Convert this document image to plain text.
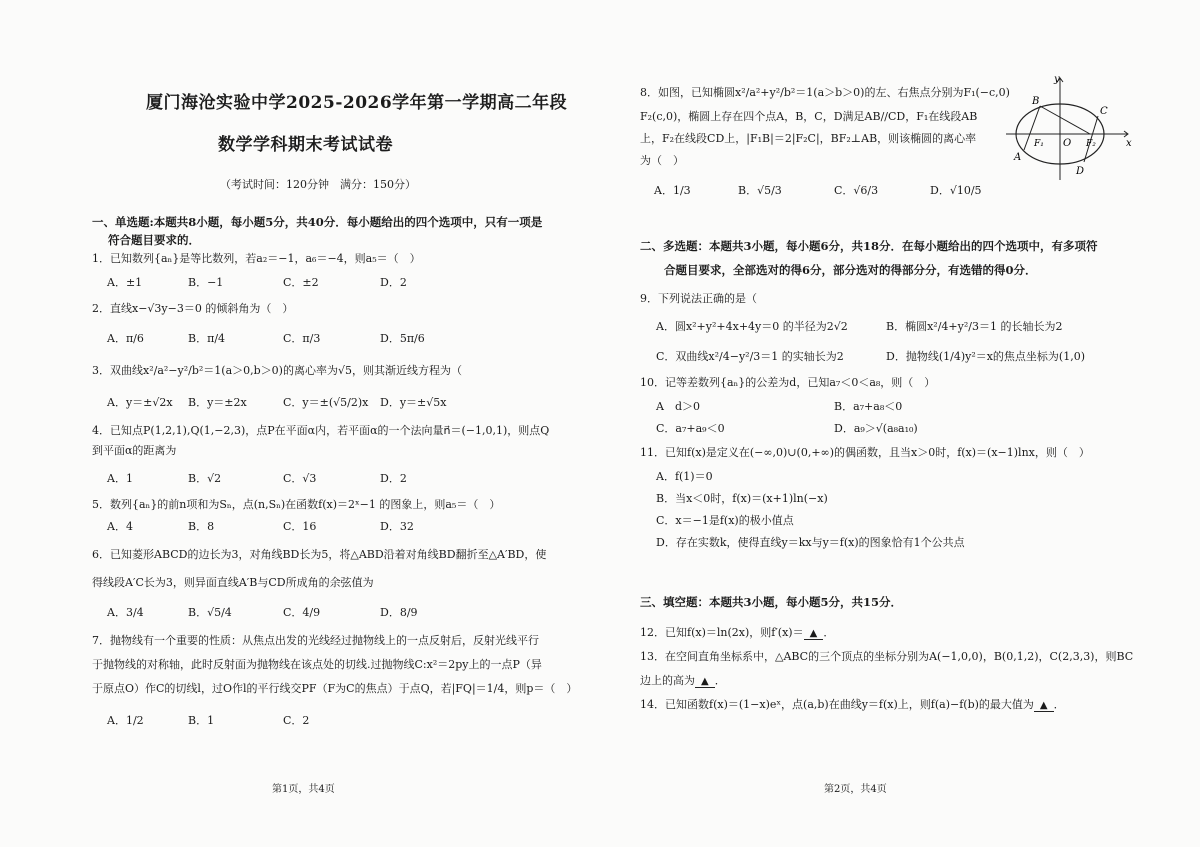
厦门海沧实验中学2025-2026学年第一学期高二年段
数学学科期末考试试卷
（考试时间：120分钟　满分：150分）
一、单选题:本题共8小题，每小题5分，共40分．每小题给出的四个选项中，只有一项是
符合题目要求的．
1．已知数列{aₙ}是等比数列，若a₂＝−1，a₆＝−4，则a₅＝（　）
A．±1	B．−1	C．±2	D．2
2．直线x−√3y−3＝0 的倾斜角为（　）
A．π/6	B．π/4	C．π/3	D．5π/6
3．双曲线x²/a²−y²/b²＝1(a＞0,b＞0)的离心率为√5，则其渐近线方程为（
A．y＝±√2x B．y＝±2x	C．y＝±(√5/2)x D．y＝±√5x
4．已知点P(1,2,1),Q(1,−2,3)，点P在平面α内，若平面α的一个法向量n⃗＝(−1,0,1)，则点Q
到平面α的距离为
A．1	B．√2	C．√3	D．2
5．数列{aₙ}的前n项和为Sₙ，点(n,Sₙ)在函数f(x)＝2ˣ−1 的图象上，则a₅＝（　）
A．4	B．8	C．16	D．32
6．已知菱形ABCD的边长为3，对角线BD长为5，将△ABD沿着对角线BD翻折至△A′BD，使
得线段A′C长为3，则异面直线A′B与CD所成角的余弦值为
A．3/4	B．√5/4	C．4/9	D．8/9
7．抛物线有一个重要的性质：从焦点出发的光线经过抛物线上的一点反射后，反射光线平行
于抛物线的对称轴，此时反射面为抛物线在该点处的切线.过抛物线C:x²＝2py上的一点P（异
于原点O）作C的切线l，过O作l的平行线交PF（F为C的焦点）于点Q，若|FQ|＝1/4，则p＝（　）
A．1/2	B．1	C．2
第1页，共4页
8．如图，已知椭圆x²/a²+y²/b²＝1(a＞b＞0)的左、右焦点分别为F₁(−c,0)
F₂(c,0)，椭圆上存在四个点A，B，C，D满足AB//CD，F₁在线段AB
上，F₂在线段CD上，|F₁B|＝2|F₂C|，BF₂⊥AB，则该椭圆的离心率
为（　）
A．1/3	B．√5/3	C．√6/3	D．√10/5
y
B
C
F₁ O F₂	x
A
D
二、多选题：本题共3小题，每小题6分，共18分．在每小题给出的四个选项中，有多项符
合题目要求，全部选对的得6分，部分选对的得部分分，有选错的得0分．
9．下列说法正确的是（
A．圆x²+y²+4x+4y＝0 的半径为2√2	B．椭圆x²/4+y²/3＝1 的长轴长为2
C．双曲线x²/4−y²/3＝1 的实轴长为2	D．抛物线(1/4)y²＝x的焦点坐标为(1,0)
10．记等差数列{aₙ}的公差为d，已知a₇＜0＜a₈，则（　）
A　d＞0	B．a₇+a₈＜0
C．a₇+a₉＜0	D．a₉＞√(a₈a₁₀)
11．已知f(x)是定义在(−∞,0)∪(0,+∞)的偶函数，且当x＞0时，f(x)＝(x−1)lnx，则（　）
A．f(1)＝0
B．当x＜0时，f(x)＝(x+1)ln(−x)
C．x＝−1是f(x)的极小值点
D．存在实数k，使得直线y＝kx与y＝f(x)的图象恰有1个公共点
三、填空题：本题共3小题，每小题5分，共15分．
12．已知f(x)＝ln(2x)，则f′(x)＝ ▲ ．
13．在空间直角坐标系中，△ABC的三个顶点的坐标分别为A(−1,0,0)，B(0,1,2)，C(2,3,3)，则BC
边上的高为 ▲ ．
14．已知函数f(x)＝(1−x)eˣ，点(a,b)在曲线y＝f(x)上，则f(a)−f(b)的最大值为 ▲ ．
第2页，共4页
